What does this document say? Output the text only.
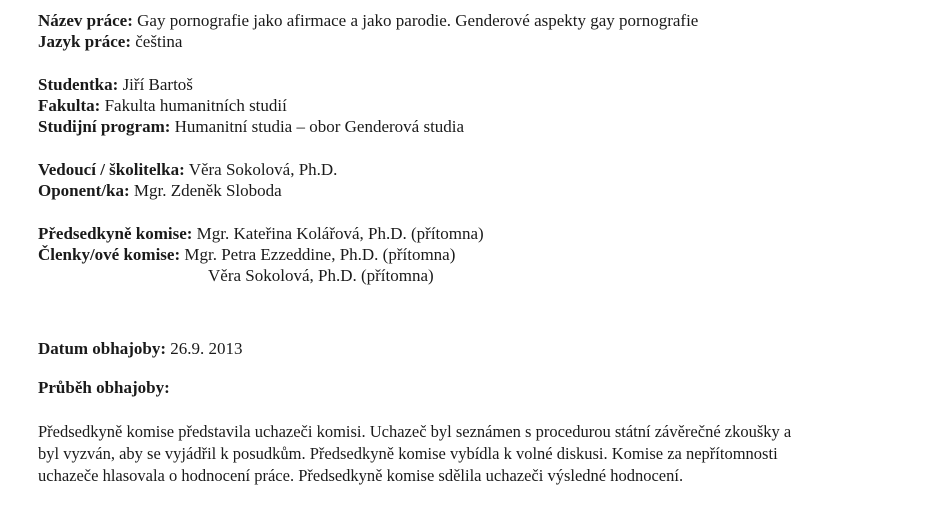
Název práce: Gay pornografie jako afirmace a jako parodie. Genderové aspekty gay pornografie
Jazyk práce: čeština
Studentka: Jiří Bartoš
Fakulta: Fakulta humanitních studií
Studijní program: Humanitní studia – obor Genderová studia
Vedoucí / školitelka: Věra Sokolová, Ph.D.
Oponent/ka: Mgr. Zdeněk Sloboda
Předsedkyně komise: Mgr. Kateřina Kolářová, Ph.D. (přítomna)
Členky/ové komise: Mgr. Petra Ezzeddine, Ph.D. (přítomna)
Věra Sokolová, Ph.D. (přítomna)
Datum obhajoby: 26.9. 2013
Průběh obhajoby:
Předsedkyně komise představila uchazeči komisi. Uchazeč byl seznámen s procedurou státní závěrečné zkoušky a
byl vyzván, aby se vyjádřil k posudkům. Předsedkyně komise vybídla k volné diskusi. Komise za nepřítomnosti
uchazeče hlasovala o hodnocení práce. Předsedkyně komise sdělila uchazeči výsledné hodnocení.
